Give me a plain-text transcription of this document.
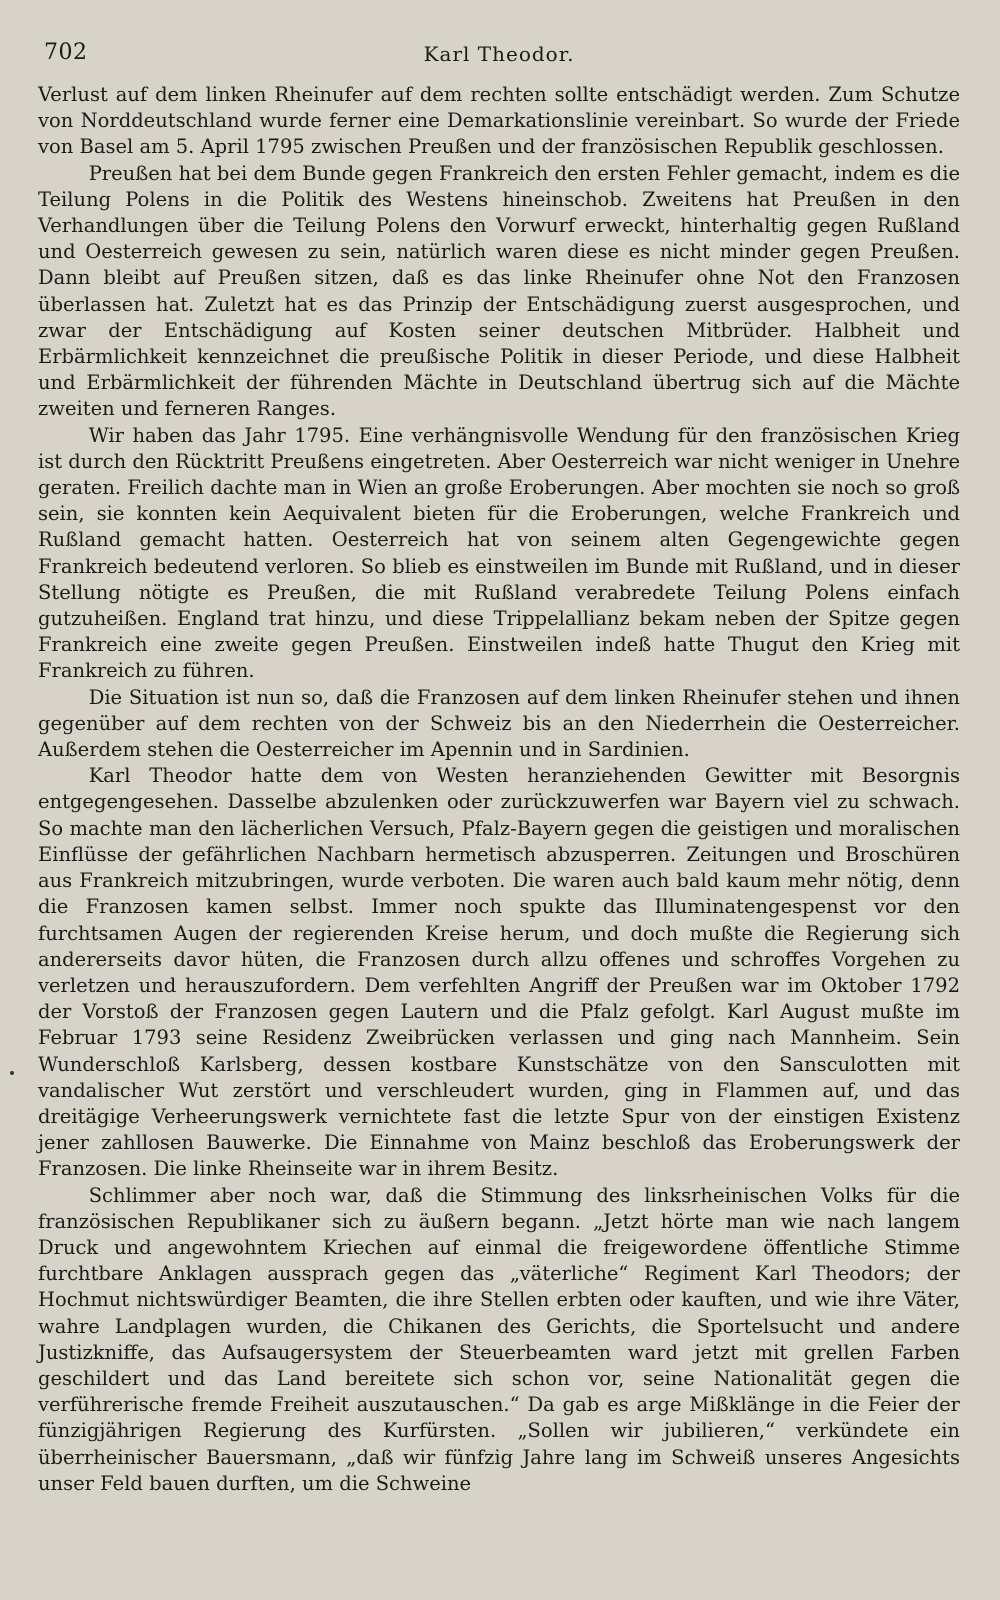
702	Karl Theodor.

Verlust auf dem linken Rheinufer auf dem rechten sollte entschädigt werden. Zum Schutze von Norddeutschland wurde ferner eine Demarkationslinie vereinbart. So wurde der Friede von Basel am 5. April 1795 zwischen Preußen und der französischen Republik geschlossen.

Preußen hat bei dem Bunde gegen Frankreich den ersten Fehler gemacht, indem es die Teilung Polens in die Politik des Westens hineinschob. Zweitens hat Preußen in den Verhandlungen über die Teilung Polens den Vorwurf erweckt, hinterhaltig gegen Rußland und Oesterreich gewesen zu sein, natürlich waren diese es nicht minder gegen Preußen. Dann bleibt auf Preußen sitzen, daß es das linke Rheinufer ohne Not den Franzosen überlassen hat. Zuletzt hat es das Prinzip der Entschädigung zuerst ausgesprochen, und zwar der Entschädigung auf Kosten seiner deutschen Mitbrüder. Halbheit und Erbärmlichkeit kennzeichnet die preußische Politik in dieser Periode, und diese Halbheit und Erbärmlichkeit der führenden Mächte in Deutschland übertrug sich auf die Mächte zweiten und ferneren Ranges.

Wir haben das Jahr 1795. Eine verhängnisvolle Wendung für den französischen Krieg ist durch den Rücktritt Preußens eingetreten. Aber Oesterreich war nicht weniger in Unehre geraten. Freilich dachte man in Wien an große Eroberungen. Aber mochten sie noch so groß sein, sie konnten kein Aequivalent bieten für die Eroberungen, welche Frankreich und Rußland gemacht hatten. Oesterreich hat von seinem alten Gegengewichte gegen Frankreich bedeutend verloren. So blieb es einstweilen im Bunde mit Rußland, und in dieser Stellung nötigte es Preußen, die mit Rußland verabredete Teilung Polens einfach gutzuheißen. England trat hinzu, und diese Trippelallianz bekam neben der Spitze gegen Frankreich eine zweite gegen Preußen. Einstweilen indeß hatte Thugut den Krieg mit Frankreich zu führen.

Die Situation ist nun so, daß die Franzosen auf dem linken Rheinufer stehen und ihnen gegenüber auf dem rechten von der Schweiz bis an den Niederrhein die Oesterreicher. Außerdem stehen die Oesterreicher im Apennin und in Sardinien.

Karl Theodor hatte dem von Westen heranziehenden Gewitter mit Besorgnis entgegengesehen. Dasselbe abzulenken oder zurückzuwerfen war Bayern viel zu schwach. So machte man den lächerlichen Versuch, Pfalz-Bayern gegen die geistigen und moralischen Einflüsse der gefährlichen Nachbarn hermetisch abzusperren. Zeitungen und Broschüren aus Frankreich mitzubringen, wurde verboten. Die waren auch bald kaum mehr nötig, denn die Franzosen kamen selbst. Immer noch spukte das Illuminatengespenst vor den furchtsamen Augen der regierenden Kreise herum, und doch mußte die Regierung sich andererseits davor hüten, die Franzosen durch allzu offenes und schroffes Vorgehen zu verletzen und herauszufordern. Dem verfehlten Angriff der Preußen war im Oktober 1792 der Vorstoß der Franzosen gegen Lautern und die Pfalz gefolgt. Karl August mußte im Februar 1793 seine Residenz Zweibrücken verlassen und ging nach Mannheim. Sein Wunderschloß Karlsberg, dessen kostbare Kunstschätze von den Sansculotten mit vandalischer Wut zerstört und verschleudert wurden, ging in Flammen auf, und das dreitägige Verheerungswerk vernichtete fast die letzte Spur von der einstigen Existenz jener zahllosen Bauwerke. Die Einnahme von Mainz beschloß das Eroberungswerk der Franzosen. Die linke Rheinseite war in ihrem Besitz.

Schlimmer aber noch war, daß die Stimmung des linksrheinischen Volks für die französischen Republikaner sich zu äußern begann. „Jetzt hörte man wie nach langem Druck und angewohntem Kriechen auf einmal die freigewordene öffentliche Stimme furchtbare Anklagen aussprach gegen das „väterliche“ Regiment Karl Theodors; der Hochmut nichtswürdiger Beamten, die ihre Stellen erbten oder kauften, und wie ihre Väter, wahre Landplagen wurden, die Chikanen des Gerichts, die Sportelsucht und andere Justizkniffe, das Aufsaugersystem der Steuerbeamten ward jetzt mit grellen Farben geschildert und das Land bereitete sich schon vor, seine Nationalität gegen die verführerische fremde Freiheit auszutauschen.“ Da gab es arge Mißklänge in die Feier der fünzigjährigen Regierung des Kurfürsten. „Sollen wir jubilieren,“ verkündete ein überrheinischer Bauersmann, „daß wir fünfzig Jahre lang im Schweiß unseres Angesichts unser Feld bauen durften, um die Schweine
